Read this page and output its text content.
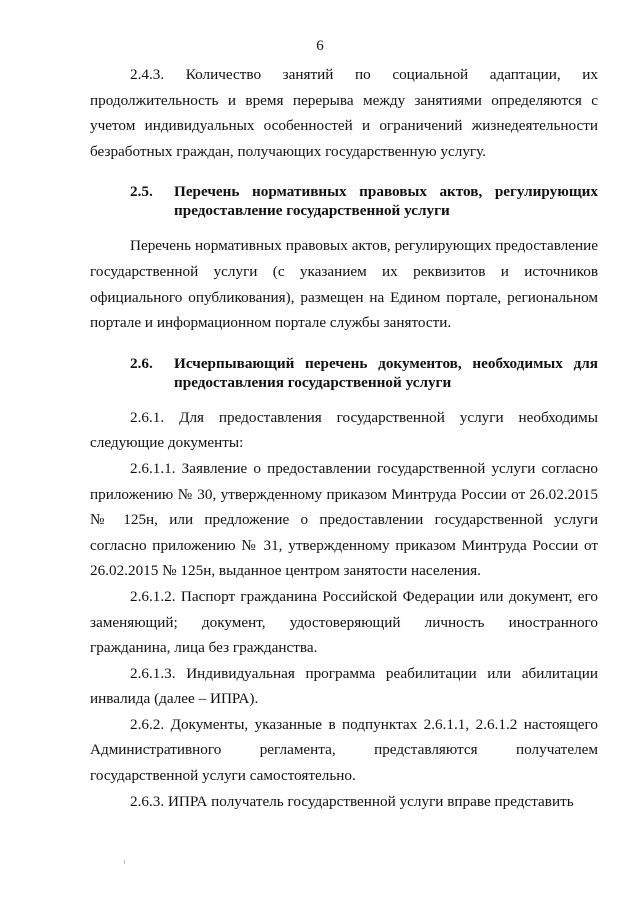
6

2.4.3. Количество занятий по социальной адаптации, их продолжительность и время перерыва между занятиями определяются с учетом индивидуальных особенностей и ограничений жизнедеятельности безработных граждан, получающих государственную услугу.

2.5.	Перечень нормативных правовых актов, регулирующих предоставление государственной услуги

Перечень нормативных правовых актов, регулирующих предоставление государственной услуги (с указанием их реквизитов и источников официального опубликования), размещен на Едином портале, региональном портале и информационном портале службы занятости.

2.6.	Исчерпывающий перечень документов, необходимых для предоставления государственной услуги

2.6.1. Для предоставления государственной услуги необходимы следующие документы:

2.6.1.1. Заявление о предоставлении государственной услуги согласно приложению № 30, утвержденному приказом Минтруда России от 26.02.2015 № 125н, или предложение о предоставлении государственной услуги согласно приложению № 31, утвержденному приказом Минтруда России от 26.02.2015 № 125н, выданное центром занятости населения.

2.6.1.2. Паспорт гражданина Российской Федерации или документ, его заменяющий; документ, удостоверяющий личность иностранного гражданина, лица без гражданства.

2.6.1.3. Индивидуальная программа реабилитации или абилитации инвалида (далее – ИПРА).

2.6.2. Документы, указанные в подпунктах 2.6.1.1, 2.6.1.2 настоящего Административного регламента, представляются получателем государственной услуги самостоятельно.

2.6.3. ИПРА получатель государственной услуги вправе представить
